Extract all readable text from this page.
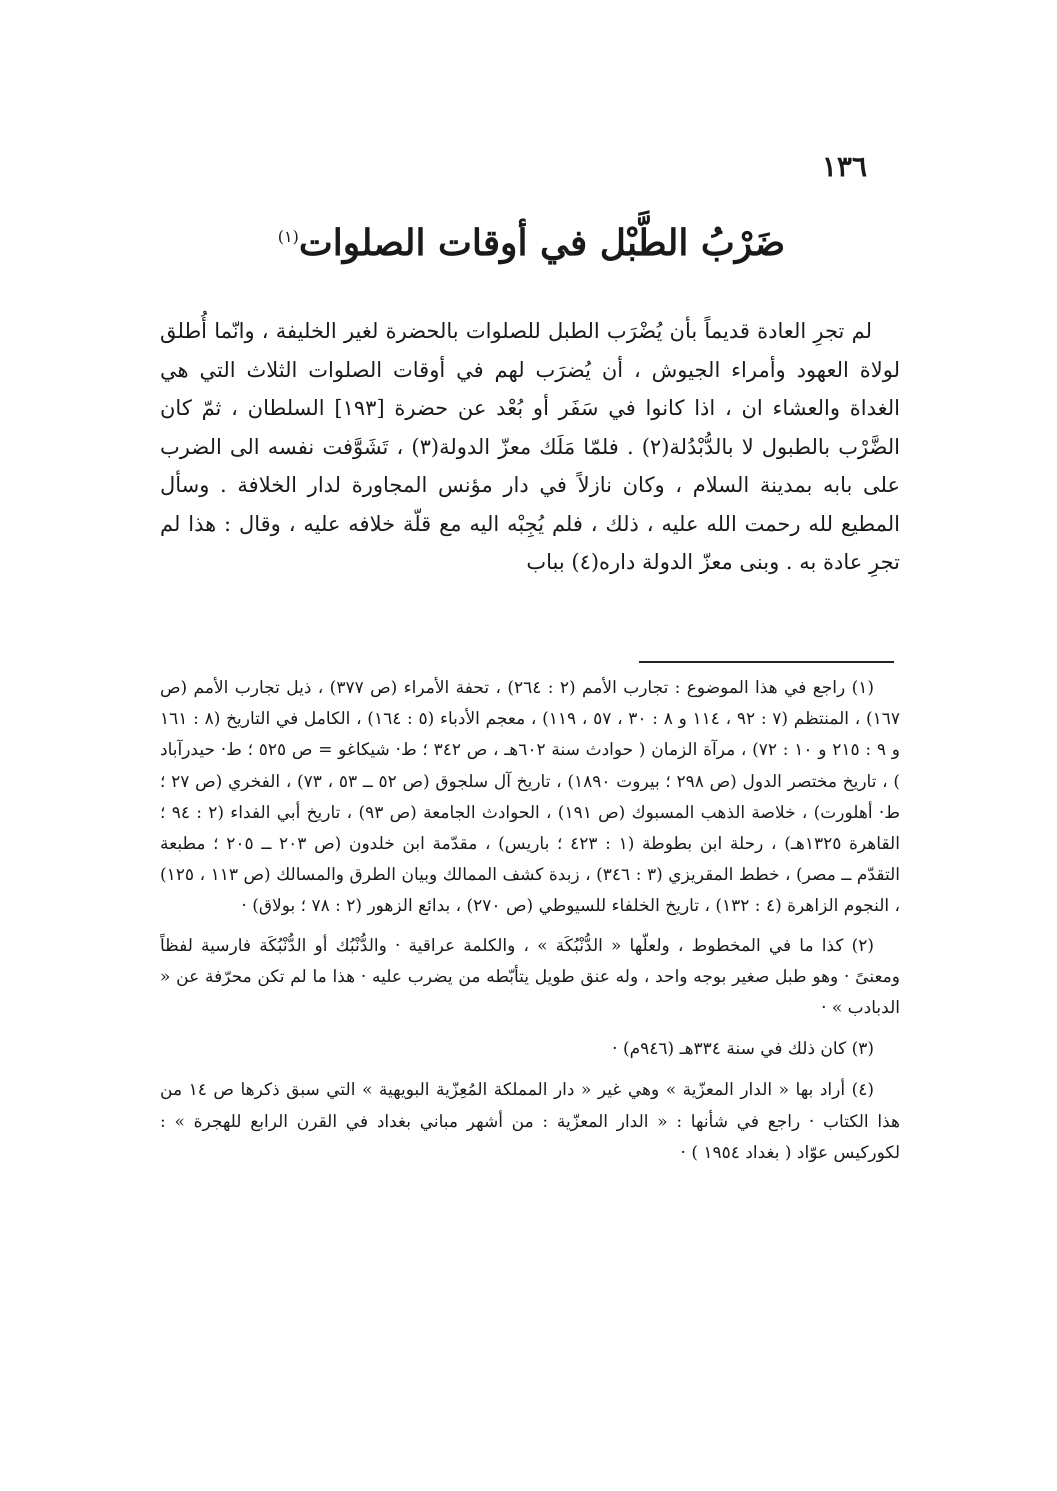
١٣٦
ضَرْبُ الطَّبْل في أوقات الصلوات$^{(١)}$

لم تجرِ العادة قديماً بأن يُضْرَب الطبل للصلوات بالحضرة لغير الخليفة ، وانّما أُطلق لولاة العهود وأمراء الجيوش ، أن يُضرَب لهم في أوقات الصلوات الثلاث التي هي الغداة والعشاء ان ، اذا كانوا في سَفَر أو بُعْد عن حضرة [١٩٣] السلطان ، ثمّ كان الضَّرْب بالطبول لا بالدُّبْدُلة(٢) . فلمّا مَلَك معزّ الدولة(٣) ، تَشَوَّفت نفسه الى الضرب على بابه بمدينة السلام ، وكان نازلاً في دار مؤنس المجاورة لدار الخلافة . وسأل المطيع لله رحمت الله عليه ، ذلك ، فلم يُجِبْه اليه مع قلّة خلافه عليه ، وقال : هذا لم تجرِ عادة به . وبنى معزّ الدولة داره(٤) بباب

(١) راجع في هذا الموضوع : تجارب الأمم (٢ : ٢٦٤) ، تحفة الأمراء (ص ٣٧٧) ، ذيل تجارب الأمم (ص ١٦٧) ، المنتظم (٧ : ٩٢ ، ١١٤ و ٨ : ٣٠ ، ٥٧ ، ١١٩) ، معجم الأدباء (٥ : ١٦٤) ، الكامل في التاريخ (٨ : ١٦١ و ٩ : ٢١٥ و ١٠ : ٧٢) ، مرآة الزمان ( حوادث سنة ٦٠٢هـ ، ص ٣٤٢ ؛ ط· شيكاغو = ص ٥٢٥ ؛ ط· حيدرآباد ) ، تاريخ مختصر الدول (ص ٢٩٨ ؛ بيروت ١٨٩٠) ، تاريخ آل سلجوق (ص ٥٢ ــ ٥٣ ، ٧٣) ، الفخري (ص ٢٧ ؛ ط· أهلورت) ، خلاصة الذهب المسبوك (ص ١٩١) ، الحوادث الجامعة (ص ٩٣) ، تاريخ أبي الفداء (٢ : ٩٤ ؛ القاهرة ١٣٢٥هـ) ، رحلة ابن بطوطة (١ : ٤٢٣ ؛ باريس) ، مقدّمة ابن خلدون (ص ٢٠٣ ــ ٢٠٥ ؛ مطبعة التقدّم ــ مصر) ، خطط المقريزي (٣ : ٣٤٦) ، زبدة كشف الممالك وبيان الطرق والمسالك (ص ١١٣ ، ١٢٥) ، النجوم الزاهرة (٤ : ١٣٢) ، تاريخ الخلفاء للسيوطي (ص ٢٧٠) ، بدائع الزهور (٢ : ٧٨ ؛ بولاق) ·

(٢) كذا ما في المخطوط ، ولعلّها « الدُّنْبُكَة » ، والكلمة عراقية · والدُّنْبُك أو الدُّنْبُكَة فارسية لفظاً ومعنىً · وهو طبل صغير بوجه واحد ، وله عنق طويل يتأبّطه من يضرب عليه · هذا ما لم تكن محرّفة عن « الدبادب » ·

(٣) كان ذلك في سنة ٣٣٤هـ (٩٤٦م) ·

(٤) أراد بها « الدار المعزّية » وهي غير « دار المملكة المُعِزّية البويهية » التي سبق ذكرها ص ١٤ من هذا الكتاب · راجع في شأنها : « الدار المعزّية : من أشهر مباني بغداد في القرن الرابع للهجرة » : لكوركيس عوّاد ( بغداد ١٩٥٤ ) ·
